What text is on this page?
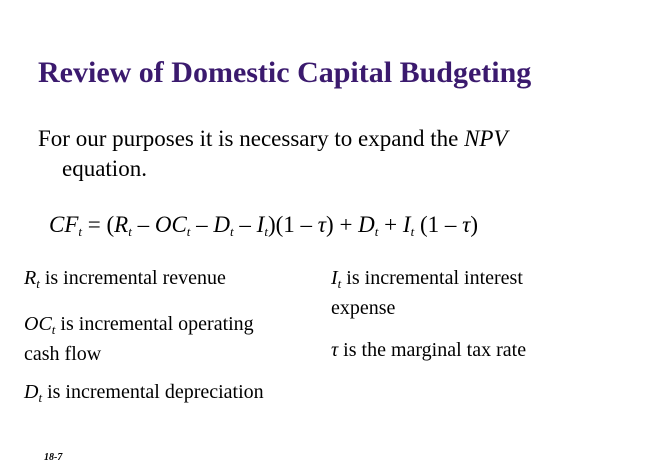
Review of Domestic Capital Budgeting
For our purposes it is necessary to expand the NPV
equation.
$CF_t = (R_t - OC_t - D_t - I_t)(1 - \tau) + D_t + I_t$ (1 – τ)
$R_t$ is incremental revenue
$OC_t$ is incremental operating
cash flow
$D_t$ is incremental depreciation
$I_t$ is incremental interest
expense
τ is the marginal tax rate
18-7
